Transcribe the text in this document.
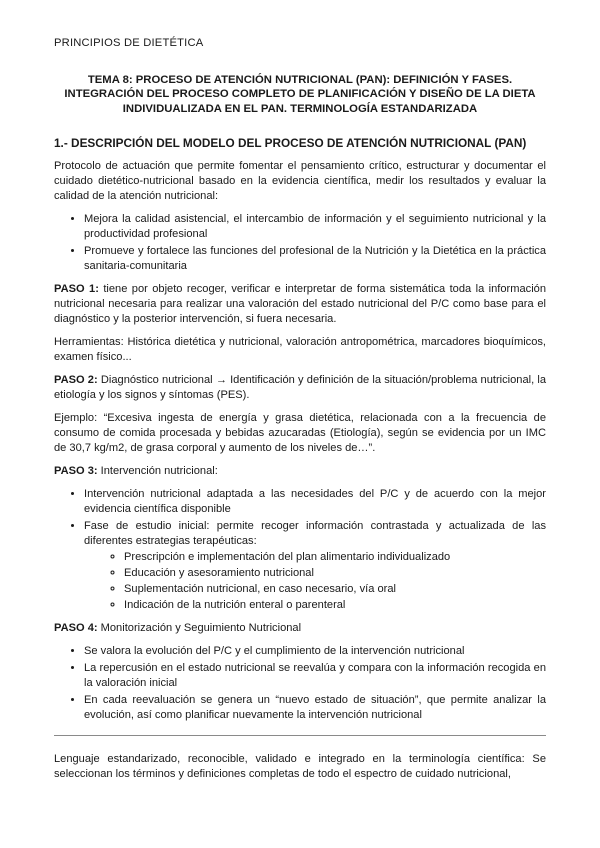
PRINCIPIOS DE DIETÉTICA
TEMA 8: PROCESO DE ATENCIÓN NUTRICIONAL (PAN): DEFINICIÓN Y FASES.
INTEGRACIÓN DEL PROCESO COMPLETO DE PLANIFICACIÓN Y DISEÑO DE LA DIETA
INDIVIDUALIZADA EN EL PAN. TERMINOLOGÍA ESTANDARIZADA
1.- DESCRIPCIÓN DEL MODELO DEL PROCESO DE ATENCIÓN NUTRICIONAL (PAN)

Protocolo de actuación que permite fomentar el pensamiento crítico, estructurar y documentar el cuidado dietético-nutricional basado en la evidencia científica, medir los resultados y evaluar la calidad de la atención nutricional:

• Mejora la calidad asistencial, el intercambio de información y el seguimiento nutricional y la productividad profesional
• Promueve y fortalece las funciones del profesional de la Nutrición y la Dietética en la práctica sanitaria-comunitaria

PASO 1: tiene por objeto recoger, verificar e interpretar de forma sistemática toda la información nutricional necesaria para realizar una valoración del estado nutricional del P/C como base para el diagnóstico y la posterior intervención, si fuera necesaria.

Herramientas: Histórica dietética y nutricional, valoración antropométrica, marcadores bioquímicos, examen físico...

PASO 2: Diagnóstico nutricional → Identificación y definición de la situación/problema nutricional, la etiología y los signos y síntomas (PES).

Ejemplo: “Excesiva ingesta de energía y grasa dietética, relacionada con a la frecuencia de consumo de comida procesada y bebidas azucaradas (Etiología), según se evidencia por un IMC de 30,7 kg/m2, de grasa corporal y aumento de los niveles de…”.

PASO 3: Intervención nutricional:

• Intervención nutricional adaptada a las necesidades del P/C y de acuerdo con la mejor evidencia científica disponible
• Fase de estudio inicial: permite recoger información contrastada y actualizada de las diferentes estrategias terapéuticas:
◦ Prescripción e implementación del plan alimentario individualizado
◦ Educación y asesoramiento nutricional
◦ Suplementación nutricional, en caso necesario, vía oral
◦ Indicación de la nutrición enteral o parenteral

PASO 4: Monitorización y Seguimiento Nutricional

• Se valora la evolución del P/C y el cumplimiento de la intervención nutricional
• La repercusión en el estado nutricional se reevalúa y compara con la información recogida en la valoración inicial
• En cada reevaluación se genera un “nuevo estado de situación”, que permite analizar la evolución, así como planificar nuevamente la intervención nutricional

Lenguaje estandarizado, reconocible, validado e integrado en la terminología científica: Se seleccionan los términos y definiciones completas de todo el espectro de cuidado nutricional,
